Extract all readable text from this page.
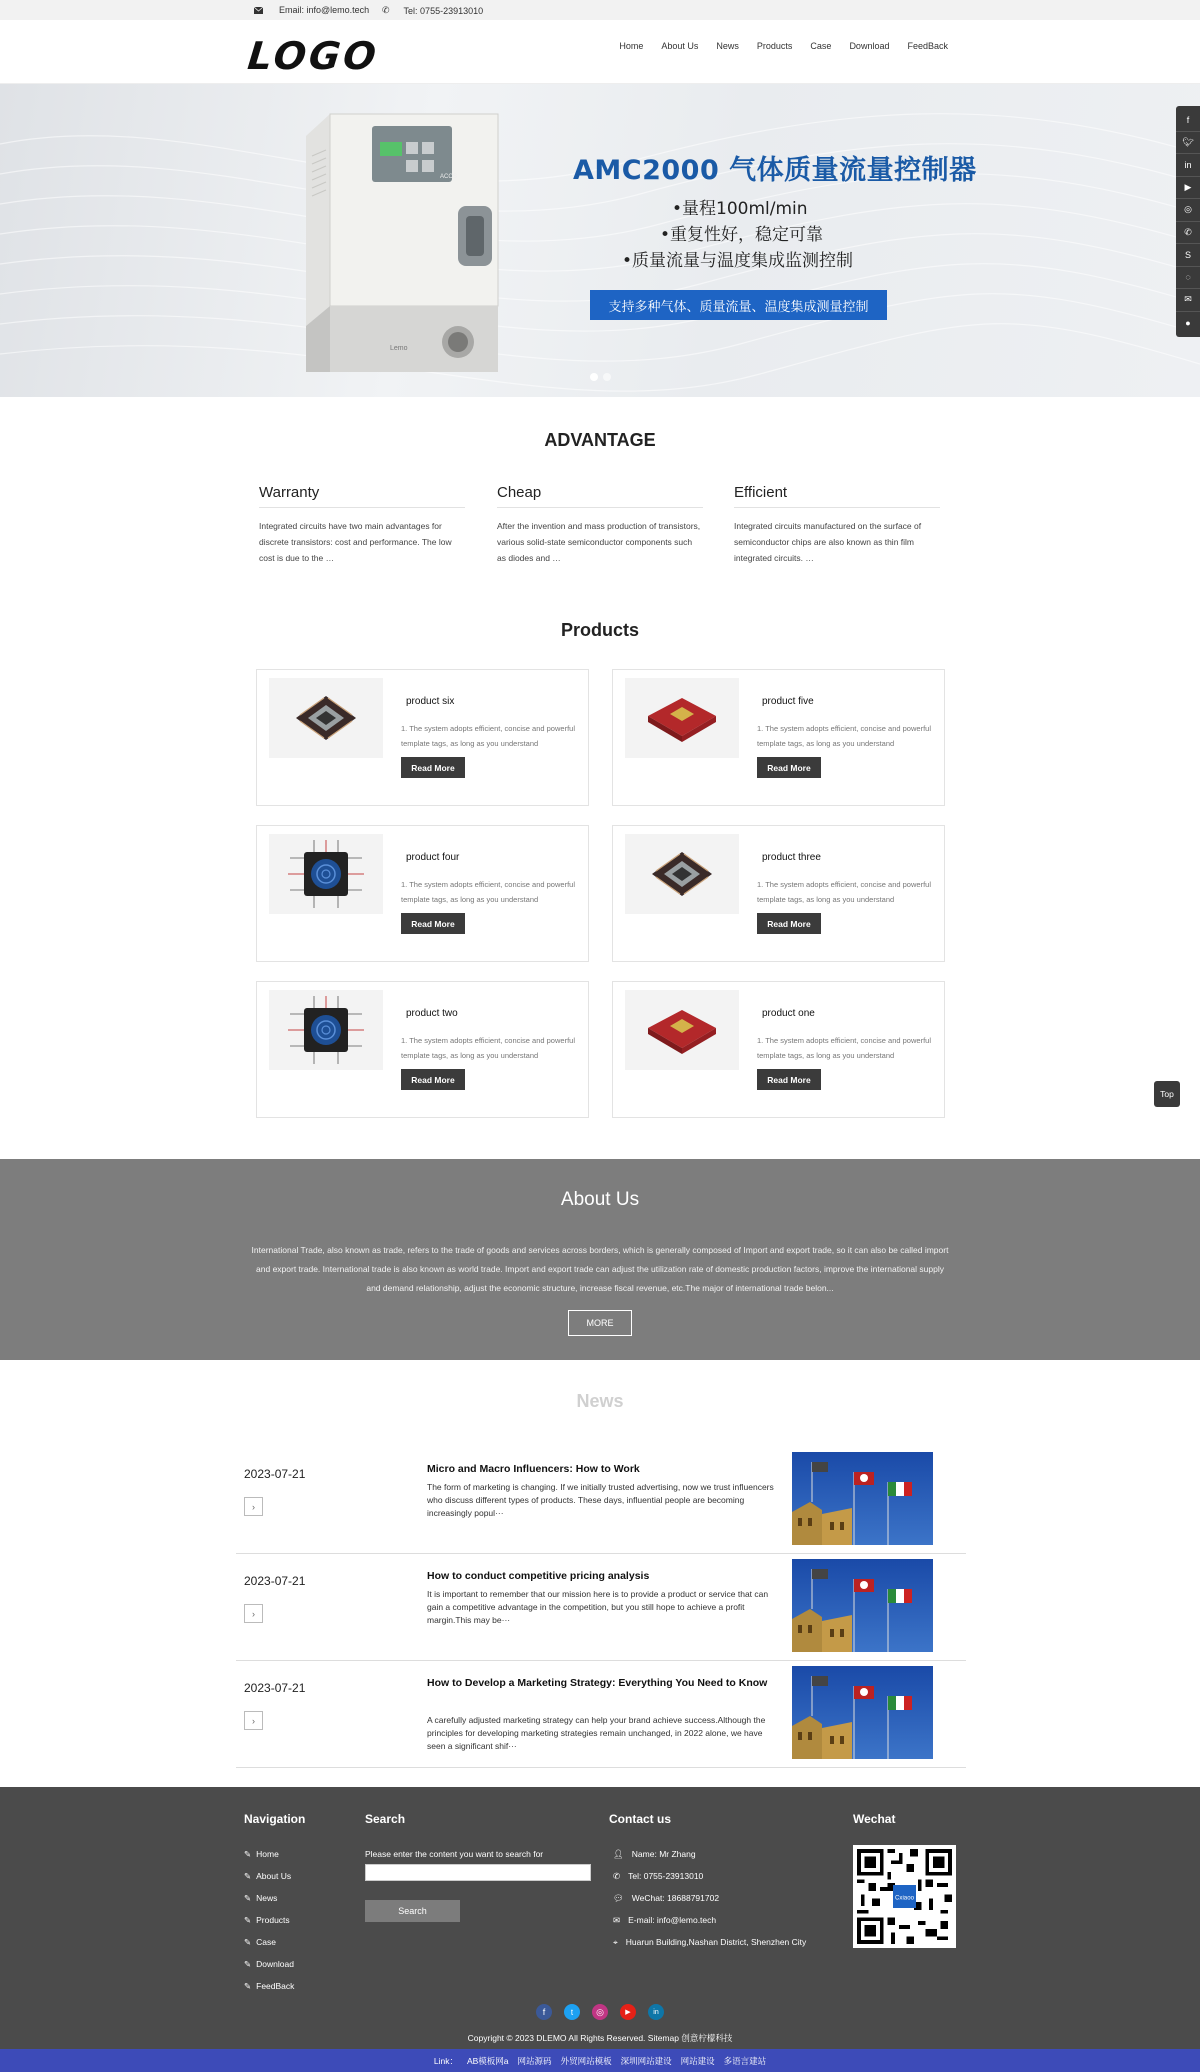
Email: info@lemo.tech ✆ Tel: 0755-23913010
LOGO	Home About Us News Products Case Download FeedBack
ACOS
Lemo
AMC2000 气体质量流量控制器
•量程100ml/min
•重复性好，稳定可靠
•质量流量与温度集成监测控制
支持多种气体、质量流量、温度集成测量控制
f
🐦︎
in
▶
◎
✆
S
◌
✉
●
ADVANTAGE
Warranty

Integrated circuits have two main advantages for discrete transistors: cost and performance. The low cost is due to the …

Cheap

After the invention and mass production of transistors, various solid-state semiconductor components such as diodes and …

Efficient

Integrated circuits manufactured on the surface of semiconductor chips are also known as thin film integrated circuits. …

Products
product six
1. The system adopts efficient, concise and powerful template tags, as long as you understand
Read More
product five
1. The system adopts efficient, concise and powerful template tags, as long as you understand
Read More
product four
1. The system adopts efficient, concise and powerful template tags, as long as you understand
Read More
product three
1. The system adopts efficient, concise and powerful template tags, as long as you understand
Read More
product two
1. The system adopts efficient, concise and powerful template tags, as long as you understand
Read More
product one
1. The system adopts efficient, concise and powerful template tags, as long as you understand
Read More
Top
About Us

International Trade, also known as trade, refers to the trade of goods and services across borders, which is generally composed of Import and export trade, so it can also be called import and export trade. International trade is also known as world trade. Import and export trade can adjust the utilization rate of domestic production factors, improve the international supply and demand relationship, adjust the economic structure, increase fiscal revenue, etc.The major of international trade belon...

MORE
News
2023-07-21
›
Micro and Macro Influencers: How to Work
The form of marketing is changing. If we initially trusted advertising, now we trust influencers who discuss different types of products. These days, influential people are becoming increasingly popul···
2023-07-21
›
How to conduct competitive pricing analysis
It is important to remember that our mission here is to provide a product or service that can gain a competitive advantage in the competition, but you still hope to achieve a profit margin.This may be···
2023-07-21
›
How to Develop a Marketing Strategy: Everything You Need to Know
A carefully adjusted marketing strategy can help your brand achieve success.Although the principles for developing marketing strategies remain unchanged, in 2022 alone, we have seen a significant shif···
Navigation
✎ Home
✎ About Us
✎ News
✎ Products
✎ Case
✎ Download
✎ FeedBack
Search
Please enter the content you want to search for
Search
Contact us
👤︎ Name: Mr Zhang
✆ Tel: 0755-23913010
💬︎ WeChat: 18688791702
✉ E-mail: info@lemo.tech
⌖ Huarun Building,Nashan District, Shenzhen City
Wechat
Cxiaoo
f	t	◎	▶	in
Copyright © 2023 DLEMO All Rights Reserved. Sitemap 创意柠檬科技
Link： AB模板网a 网站源码 外贸网站模板 深圳网站建设 网站建设 多语言建站
